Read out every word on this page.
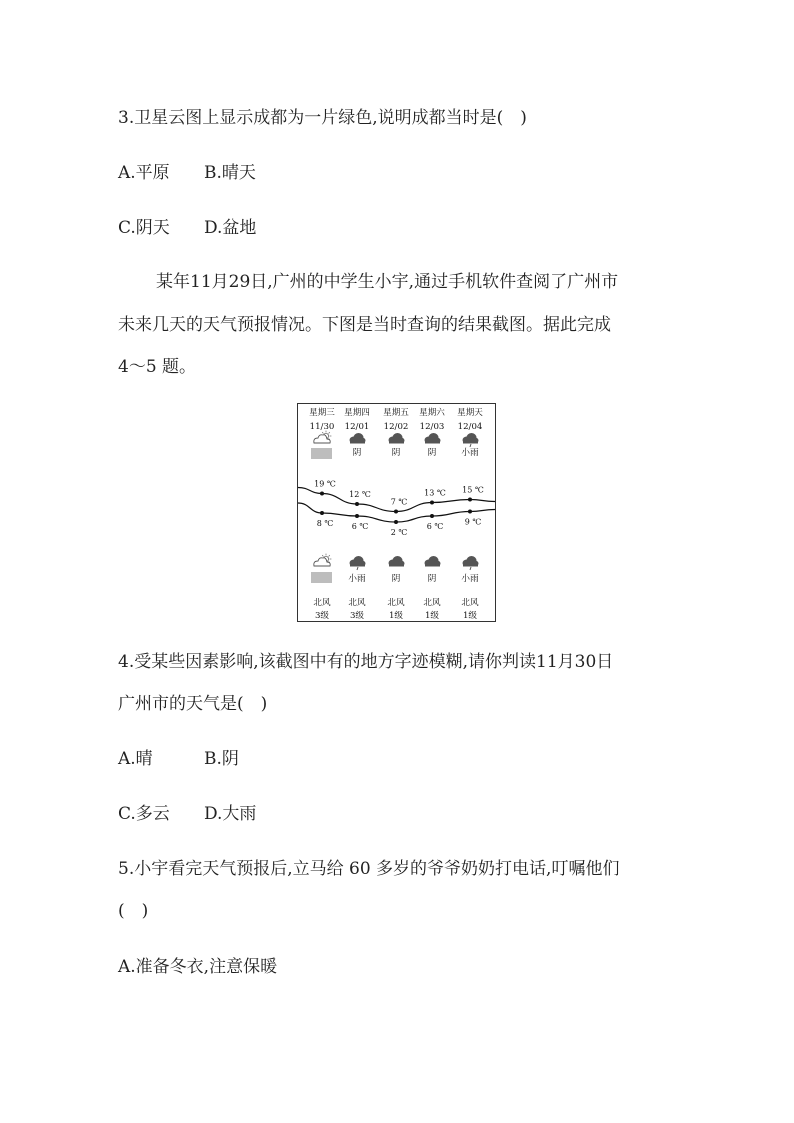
3.卫星云图上显示成都为一片绿色,说明成都当时是(　)
A.平原 B.晴天
C.阴天 D.盆地
某年11月29日,广州的中学生小宇,通过手机软件查阅了广州市
未来几天的天气预报情况。下图是当时查询的结果截图。据此完成
4～5 题。
星期三
11/30
星期四
12/01
阴
星期五
12/02
阴
星期六
12/03
阴
星期天
12/04
小雨
19 ℃
8 ℃
12 ℃
6 ℃
7 ℃
2 ℃
13 ℃
6 ℃
15 ℃
9 ℃
北风
3级
小雨
北风
3级
阴
北风
1级
阴
北风
1级
小雨
北风
1级
4.受某些因素影响,该截图中有的地方字迹模糊,请你判读11月30日
广州市的天气是(　)
A.晴	B.阴
C.多云 D.大雨
5.小宇看完天气预报后,立马给 60 多岁的爷爷奶奶打电话,叮嘱他们
(　)
A.准备冬衣,注意保暖
